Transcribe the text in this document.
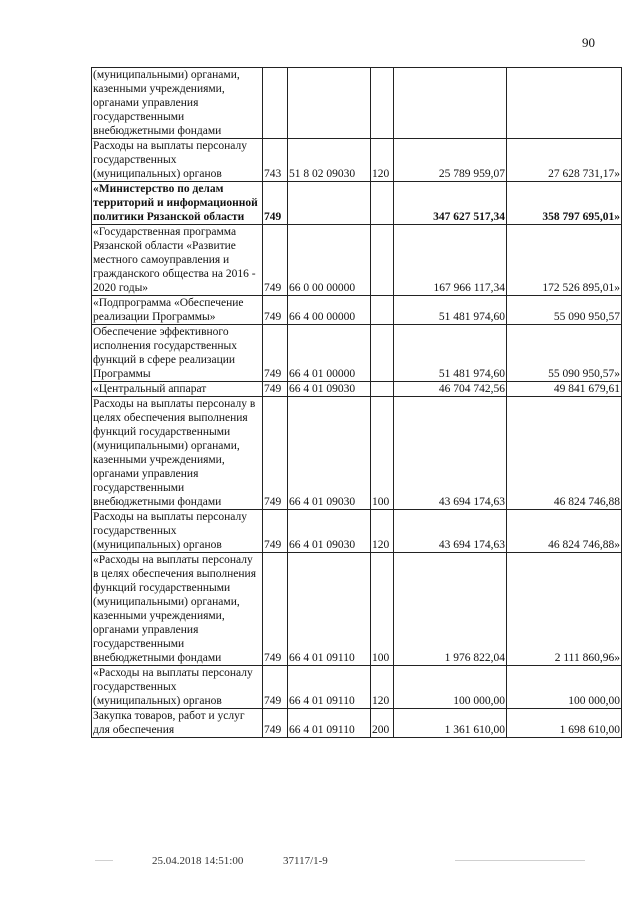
90
(муниципальными) органами, казенными учреждениями, органами управления государственными внебюджетными фондами					
Расходы на выплаты персоналу государственных (муниципальных) органов	743	51 8 02 09030	120	25 789 959,07	27 628 731,17»
«Министерство по делам территорий и информационной политики Рязанской области	749			347 627 517,34	358 797 695,01»
«Государственная программа Рязанской области «Развитие местного самоуправления и гражданского общества на 2016 - 2020 годы»	749	66 0 00 00000		167 966 117,34	172 526 895,01»
«Подпрограмма «Обеспечение реализации Программы»	749	66 4 00 00000		51 481 974,60	55 090 950,57
Обеспечение эффективного исполнения государственных функций в сфере реализации Программы	749	66 4 01 00000		51 481 974,60	55 090 950,57»
«Центральный аппарат	749	66 4 01 09030		46 704 742,56	49 841 679,61
Расходы на выплаты персоналу в целях обеспечения выполнения функций государственными (муниципальными) органами, казенными учреждениями, органами управления государственными внебюджетными фондами	749	66 4 01 09030	100	43 694 174,63	46 824 746,88
Расходы на выплаты персоналу государственных (муниципальных) органов	749	66 4 01 09030	120	43 694 174,63	46 824 746,88»
«Расходы на выплаты персоналу в целях обеспечения выполнения функций государственными (муниципальными) органами, казенными учреждениями, органами управления государственными внебюджетными фондами	749	66 4 01 09110	100	1 976 822,04	2 111 860,96»
«Расходы на выплаты персоналу государственных (муниципальных) органов	749	66 4 01 09110	120	100 000,00	100 000,00
Закупка товаров, работ и услуг для обеспечения	749	66 4 01 09110	200	1 361 610,00	1 698 610,00
25.04.2018 14:51:00	37117/1-9
